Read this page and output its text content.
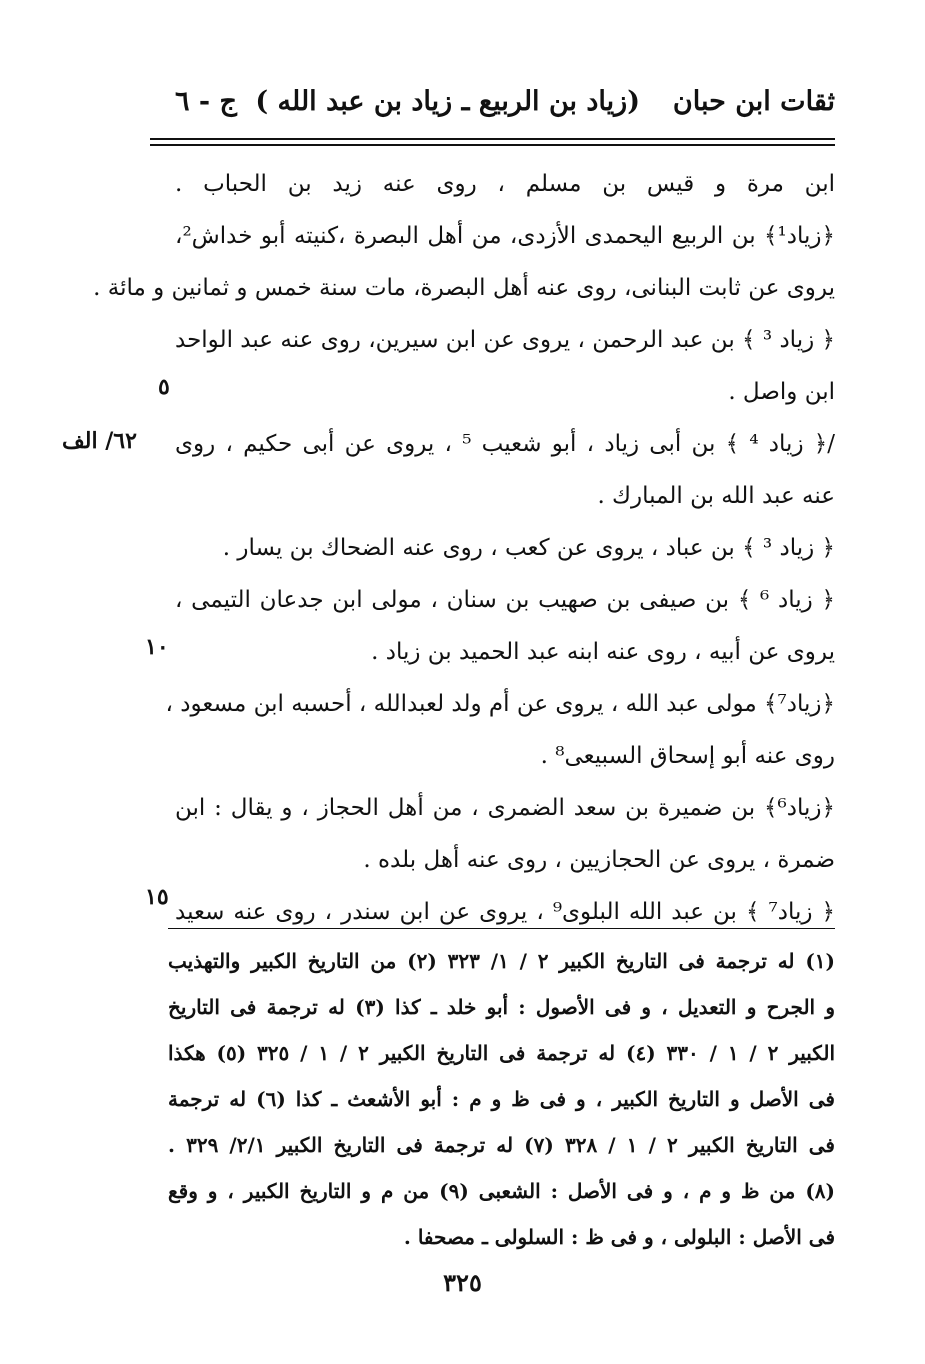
ثقات ابن حبان
(زياد بن الربيع ـ زياد بن عبد الله )
ج - ٦
ابن مرة و قيس بن مسلم ، روى عنه زيد بن الحباب .
﴿زياد¹﴾ بن الربيع اليحمدى الأزدى، من أهل البصرة ،كنيته أبو خداش²،
يروى عن ثابت البنانى، روى عنه أهل البصرة، مات سنة خمس و ثمانين و مائة .
﴿ زياد ³ ﴾ بن عبد الرحمن ، يروى عن ابن سيرين، روى عنه عبد الواحد
ابن واصل .
/﴿ زياد ⁴ ﴾ بن أبى زياد ، أبو شعيب ⁵ ، يروى عن أبى حكيم ، روى
عنه عبد الله بن المبارك .
﴿ زياد ³ ﴾ بن عباد ، يروى عن كعب ، روى عنه الضحاك بن يسار .
﴿ زياد ⁶ ﴾ بن صيفى بن صهيب بن سنان ، مولى ابن جدعان التيمى ،
يروى عن أبيه ، روى عنه ابنه عبد الحميد بن زياد .
﴿زياد⁷﴾ مولى عبد الله ، يروى عن أم ولد لعبدالله ، أحسبه ابن مسعود ،
روى عنه أبو إسحاق السبيعى⁸ .
﴿زياد⁶﴾ بن ضميرة بن سعد الضمرى ، من أهل الحجاز ، و يقال : ابن
ضمرة ، يروى عن الحجازيين ، روى عنه أهل بلده .
﴿ زياد⁷ ﴾ بن عبد الله البلوى⁹ ، يروى عن ابن سندر ، روى عنه سعيد
٥
٦٢/ الف
١٠
١٥
(١) له ترجمة فى التاريخ الكبير ٢ / ١/ ٣٢٣ (٢) من التاريخ الكبير والتهذيب
و الجرح و التعديل ، و فى الأصول : أبو خلد ـ كذا (٣) له ترجمة فى التاريخ
الكبير ٢ / ١ / ٣٣٠ (٤) له ترجمة فى التاريخ الكبير ٢ / ١ / ٣٢٥ (٥) هكذا
فى الأصل و التاريخ الكبير ، و فى ظ و م : أبو الأشعث ـ كذا (٦) له ترجمة
فى التاريخ الكبير ٢ / ١ / ٣٢٨ (٧) له ترجمة فى التاريخ الكبير ٢/١/ ٣٢٩ .
(٨) من ظ و م ، و فى الأصل : الشعبى (٩) من م و التاريخ الكبير ، و وقع
فى الأصل : البلولى ، و فى ظ : السلولى ـ مصحفا .
٣٢٥
